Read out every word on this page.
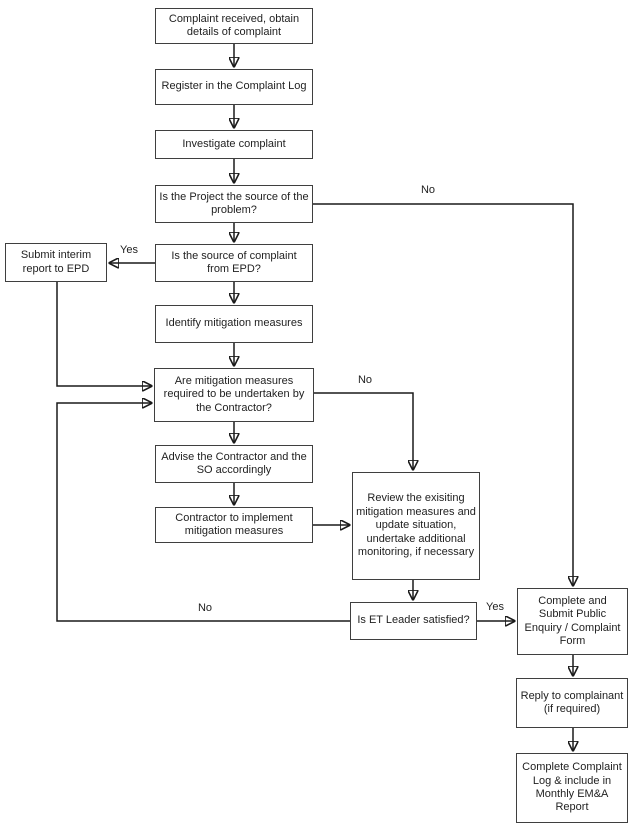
Complaint received, obtain details of complaint
Register in the Complaint Log
Investigate complaint
Is the Project the source of the problem?
Submit interim report to EPD
Is the source of complaint from EPD?
Identify mitigation measures
Are mitigation measures required to be undertaken by the Contractor?
Advise the Contractor and the SO accordingly
Contractor to implement mitigation measures
Review the exisiting mitigation measures and update situation, undertake additional monitoring, if necessary
Is ET Leader satisfied?
Complete and Submit Public Enquiry / Complaint Form
Reply to complainant (if required)
Complete Complaint Log & include in Monthly EM&A Report
No
Yes
No
No	Yes
